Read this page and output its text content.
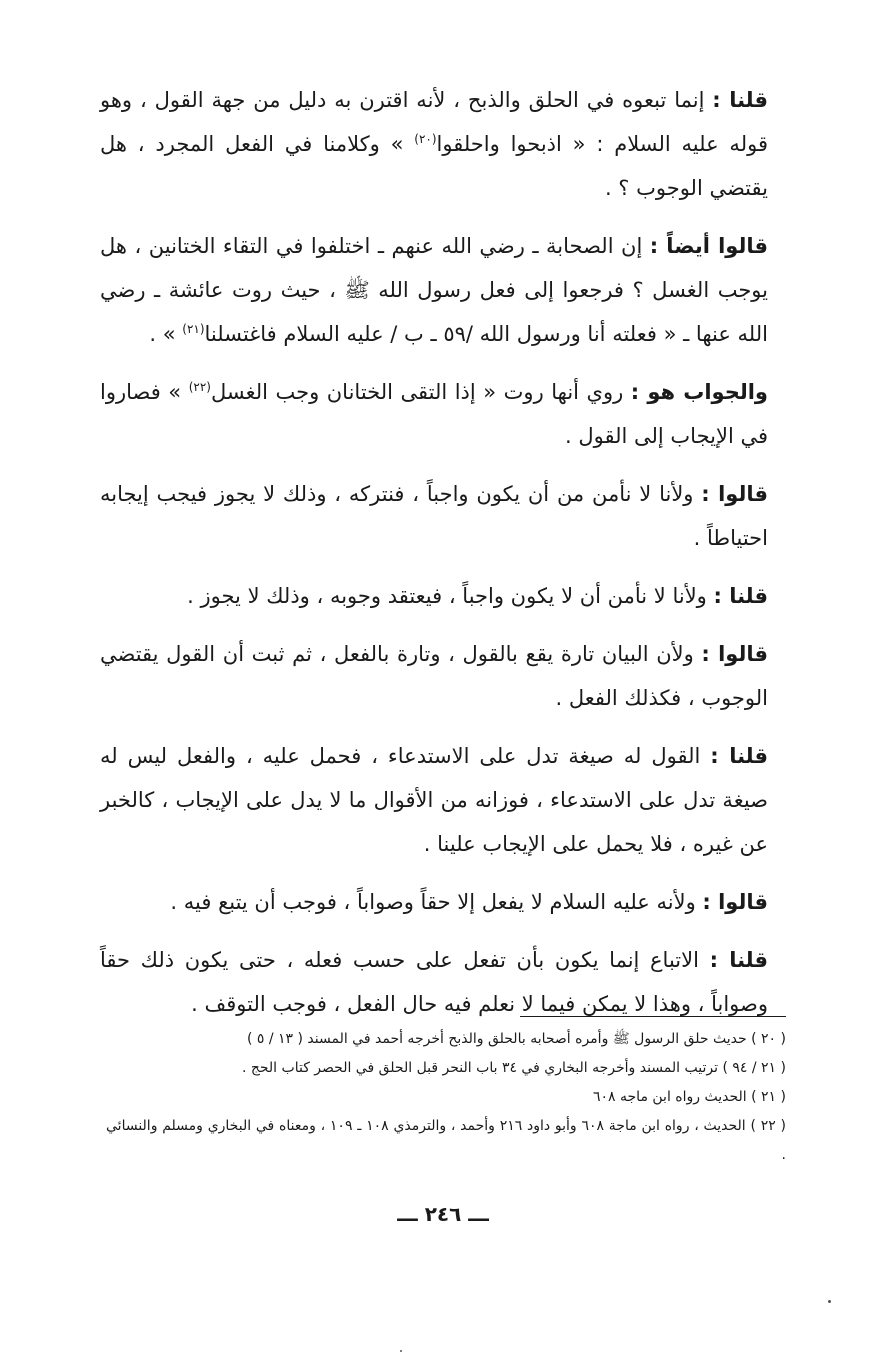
قلنا : إنما تبعوه في الحلق والذبح ، لأنه اقترن به دليل من جهة القول ، وهو قوله عليه السلام : « اذبحوا واحلقوا$^{(٢٠)}$ » وكلامنا في الفعل المجرد ، هل يقتضي الوجوب ؟ .

قالوا أيضاً : إن الصحابة ـ رضي الله عنهم ـ اختلفوا في التقاء الختانين ، هل يوجب الغسل ؟ فرجعوا إلى فعل رسول الله ﷺ ، حيث روت عائشة ـ رضي الله عنها ـ « فعلته أنا ورسول الله /٥٩ ـ ب / عليه السلام فاغتسلنا$^{(٢١)}$ » .

والجواب هو : روي أنها روت « إذا التقى الختانان وجب الغسل$^{(٢٢)}$ » فصاروا في الإيجاب إلى القول .

قالوا : ولأنا لا نأمن من أن يكون واجباً ، فنتركه ، وذلك لا يجوز فيجب إيجابه احتياطاً .

قلنا : ولأنا لا نأمن أن لا يكون واجباً ، فيعتقد وجوبه ، وذلك لا يجوز .

قالوا : ولأن البيان تارة يقع بالقول ، وتارة بالفعل ، ثم ثبت أن القول يقتضي الوجوب ، فكذلك الفعل .

قلنا : القول له صيغة تدل على الاستدعاء ، فحمل عليه ، والفعل ليس له صيغة تدل على الاستدعاء ، فوزانه من الأقوال ما لا يدل على الإيجاب ، كالخبر عن غيره ، فلا يحمل على الإيجاب علينا .

قالوا : ولأنه عليه السلام لا يفعل إلا حقاً وصواباً ، فوجب أن يتبع فيه .

قلنا : الاتباع إنما يكون بأن تفعل على حسب فعله ، حتى يكون ذلك حقاً وصواباً ، وهذا لا يمكن فيما لا نعلم فيه حال الفعل ، فوجب التوقف .

( ٢٠ ) حديث حلق الرسول ﷺ وأمره أصحابه بالحلق والذبح أخرجه أحمد في المسند ( ١٣ / ٥ )

( ٢١ / ٩٤ ) ترتيب المسند وأخرجه البخاري في ٣٤ باب النحر قبل الحلق في الحصر كتاب الحج .

( ٢١ ) الحديث رواه ابن ماجه ٦٠٨

( ٢٢ ) الحديث ، رواه ابن ماجة ٦٠٨ وأبو داود ٢١٦ وأحمد ، والترمذي ١٠٨ ـ ١٠٩ ، ومعناه في البخاري ومسلم والنسائي .

ـــ ٢٤٦ ـــ
